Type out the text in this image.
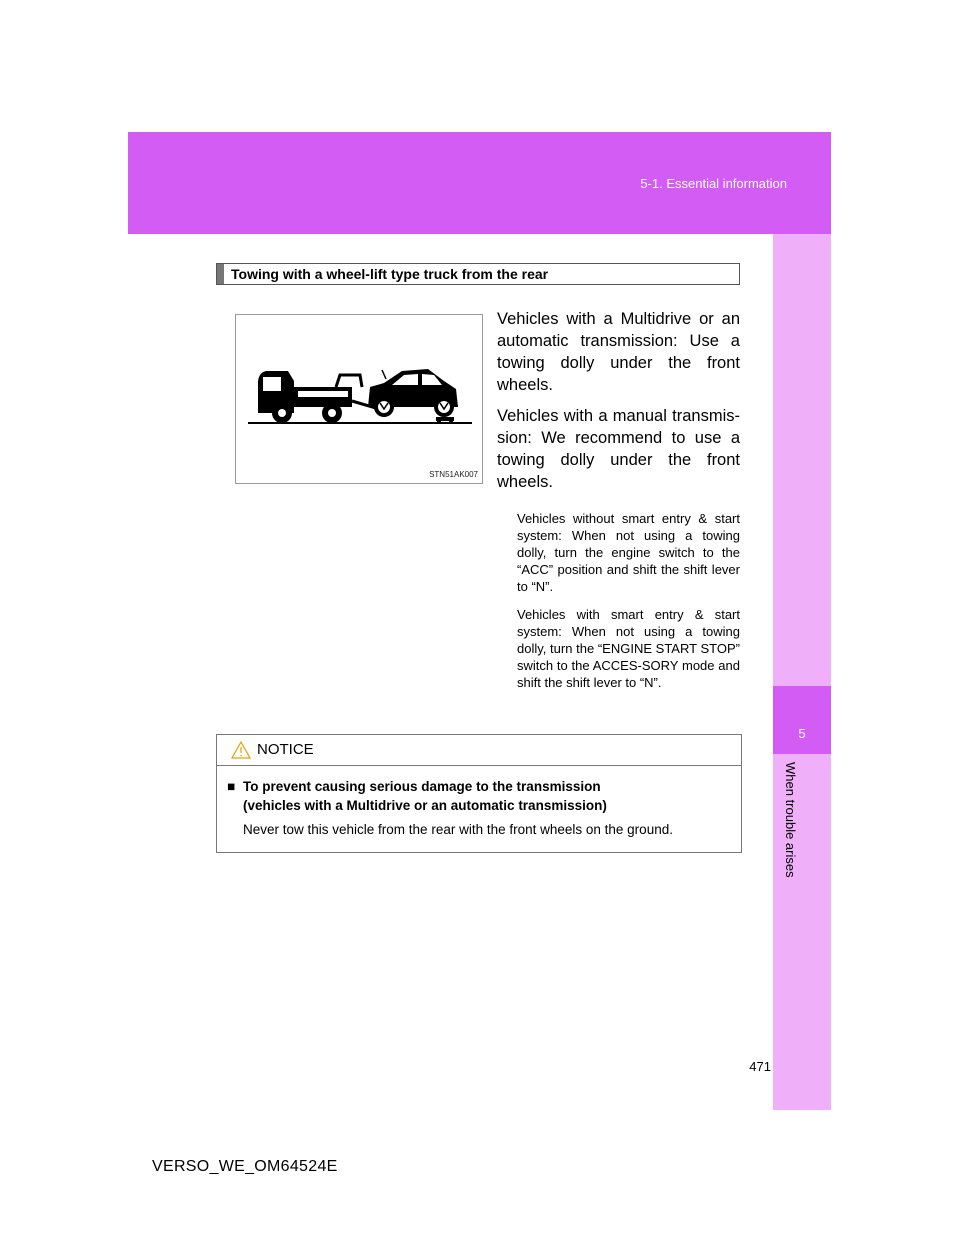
5-1. Essential information
5
When trouble arises
Towing with a wheel-lift type truck from the rear
STN51AK007

Vehicles with a Multidrive or an automatic transmission: Use a towing dolly under the front wheels.

Vehicles with a manual transmis-sion: We recommend to use a towing dolly under the front wheels.

Vehicles without smart entry & start system: When not using a towing dolly, turn the engine switch to the “ACC” position and shift the shift lever to “N”.

Vehicles with smart entry & start system: When not using a towing dolly, turn the “ENGINE START STOP” switch to the ACCES-SORY mode and shift the shift lever to “N”.

NOTICE
■ To prevent causing serious damage to the transmission
(vehicles with a Multidrive or an automatic transmission)
Never tow this vehicle from the rear with the front wheels on the ground.
471
VERSO_WE_OM64524E
